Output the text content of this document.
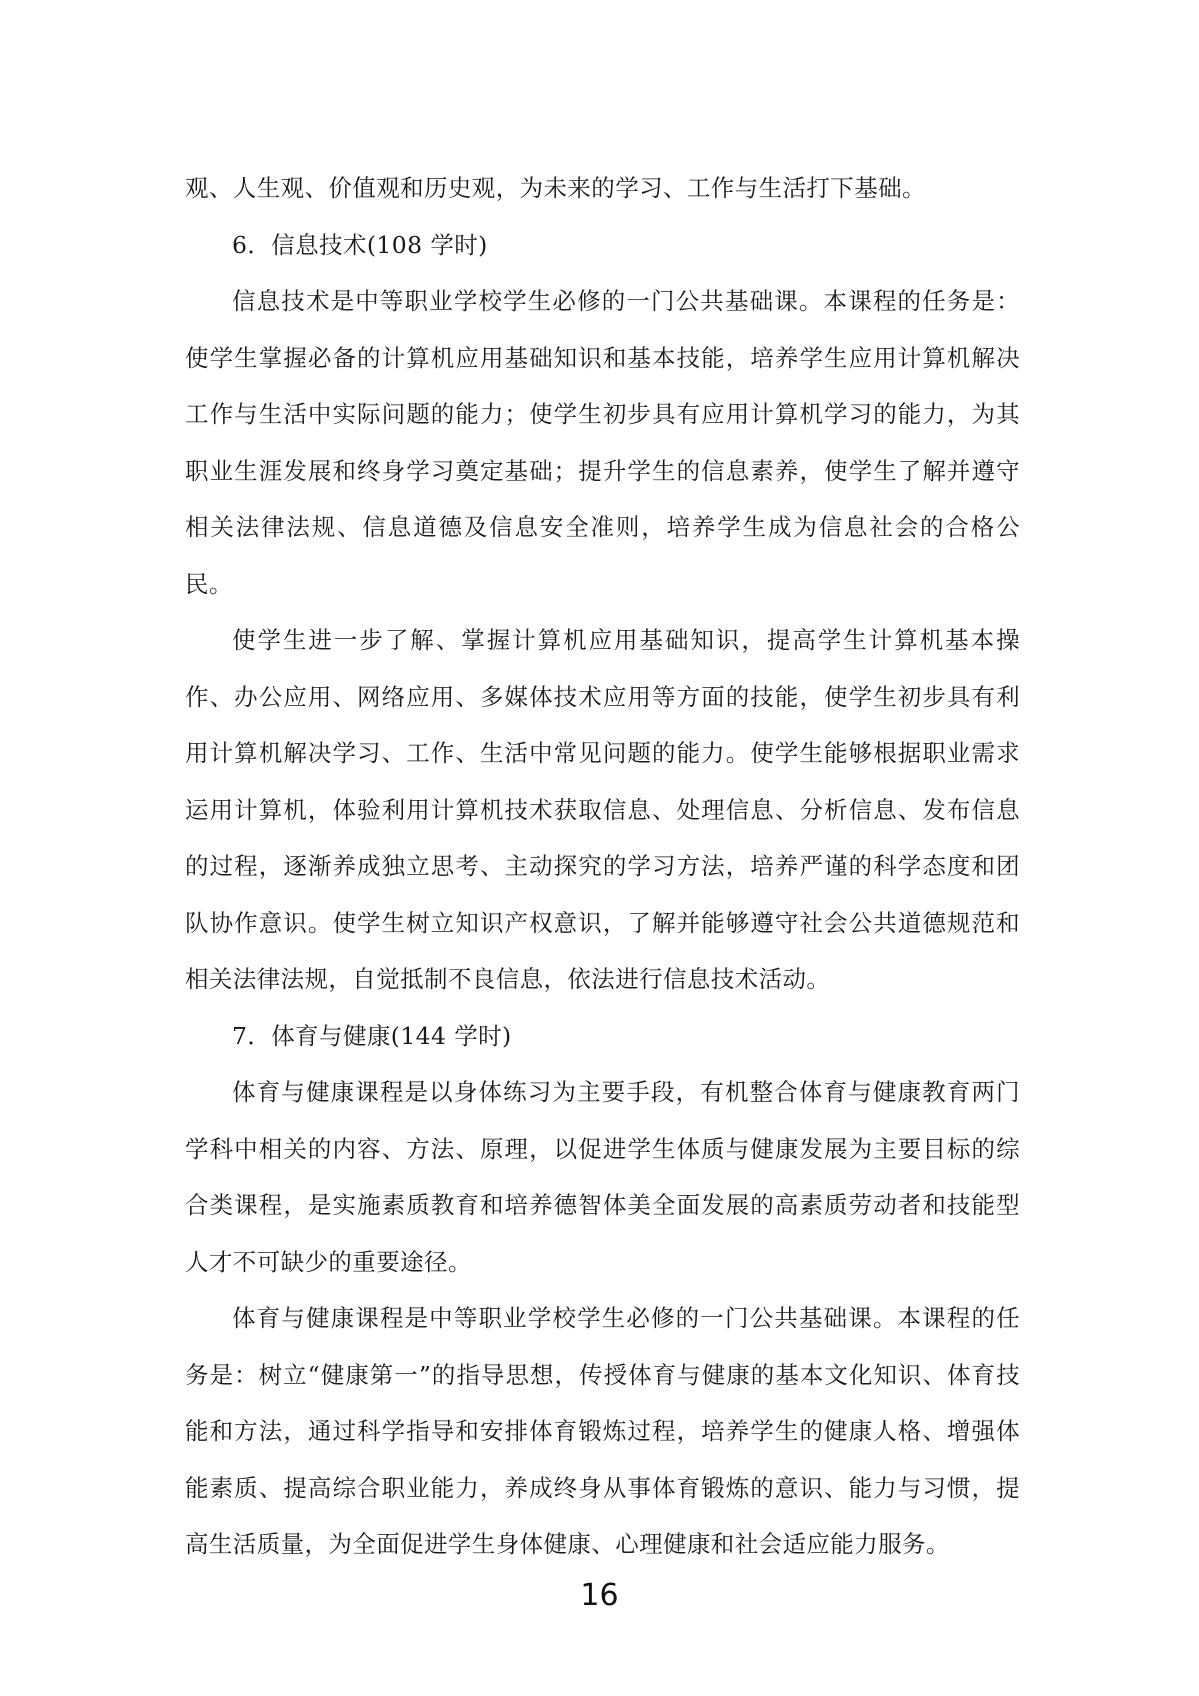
观、人生观、价值观和历史观，为未来的学习、工作与生活打下基础。

6．信息技术(108 学时)

信息技术是中等职业学校学生必修的一门公共基础课。本课程的任务是：使学生掌握必备的计算机应用基础知识和基本技能，培养学生应用计算机解决工作与生活中实际问题的能力；使学生初步具有应用计算机学习的能力，为其职业生涯发展和终身学习奠定基础；提升学生的信息素养，使学生了解并遵守相关法律法规、信息道德及信息安全准则，培养学生成为信息社会的合格公民。

使学生进一步了解、掌握计算机应用基础知识，提高学生计算机基本操作、办公应用、网络应用、多媒体技术应用等方面的技能，使学生初步具有利用计算机解决学习、工作、生活中常见问题的能力。使学生能够根据职业需求运用计算机，体验利用计算机技术获取信息、处理信息、分析信息、发布信息的过程，逐渐养成独立思考、主动探究的学习方法，培养严谨的科学态度和团队协作意识。使学生树立知识产权意识，了解并能够遵守社会公共道德规范和相关法律法规，自觉抵制不良信息，依法进行信息技术活动。

7．体育与健康(144 学时)

体育与健康课程是以身体练习为主要手段，有机整合体育与健康教育两门学科中相关的内容、方法、原理，以促进学生体质与健康发展为主要目标的综合类课程，是实施素质教育和培养德智体美全面发展的高素质劳动者和技能型人才不可缺少的重要途径。

体育与健康课程是中等职业学校学生必修的一门公共基础课。本课程的任务是：树立“健康第一”的指导思想，传授体育与健康的基本文化知识、体育技能和方法，通过科学指导和安排体育锻炼过程，培养学生的健康人格、增强体能素质、提高综合职业能力，养成终身从事体育锻炼的意识、能力与习惯，提高生活质量，为全面促进学生身体健康、心理健康和社会适应能力服务。

16
